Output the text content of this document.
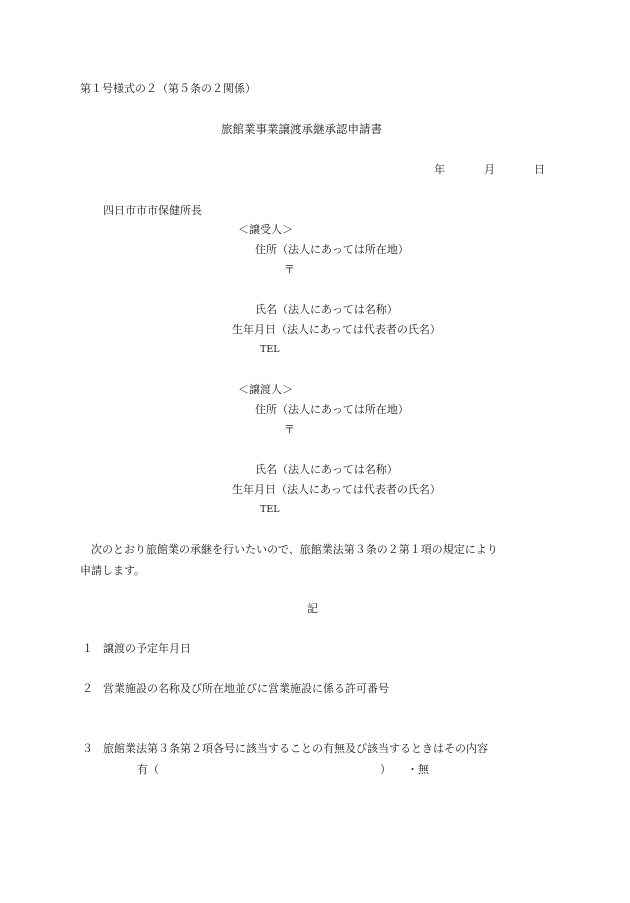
第１号様式の２（第５条の２関係）
旅館業事業譲渡承継承認申請書
年	月	日
四日市市市保健所長
＜譲受人＞
住所（法人にあっては所在地）
〒
氏名（法人にあっては名称）
生年月日（法人にあっては代表者の氏名）
TEL
＜譲渡人＞
住所（法人にあっては所在地）
〒
氏名（法人にあっては名称）
生年月日（法人にあっては代表者の氏名）
TEL
次のとおり旅館業の承継を行いたいので、旅館業法第３条の２第１項の規定により
申請します。
記
１ 譲渡の予定年月日
２ 営業施設の名称及び所在地並びに営業施設に係る許可番号
３ 旅館業法第３条第２項各号に該当することの有無及び該当するときはその内容
有（	） ・無
